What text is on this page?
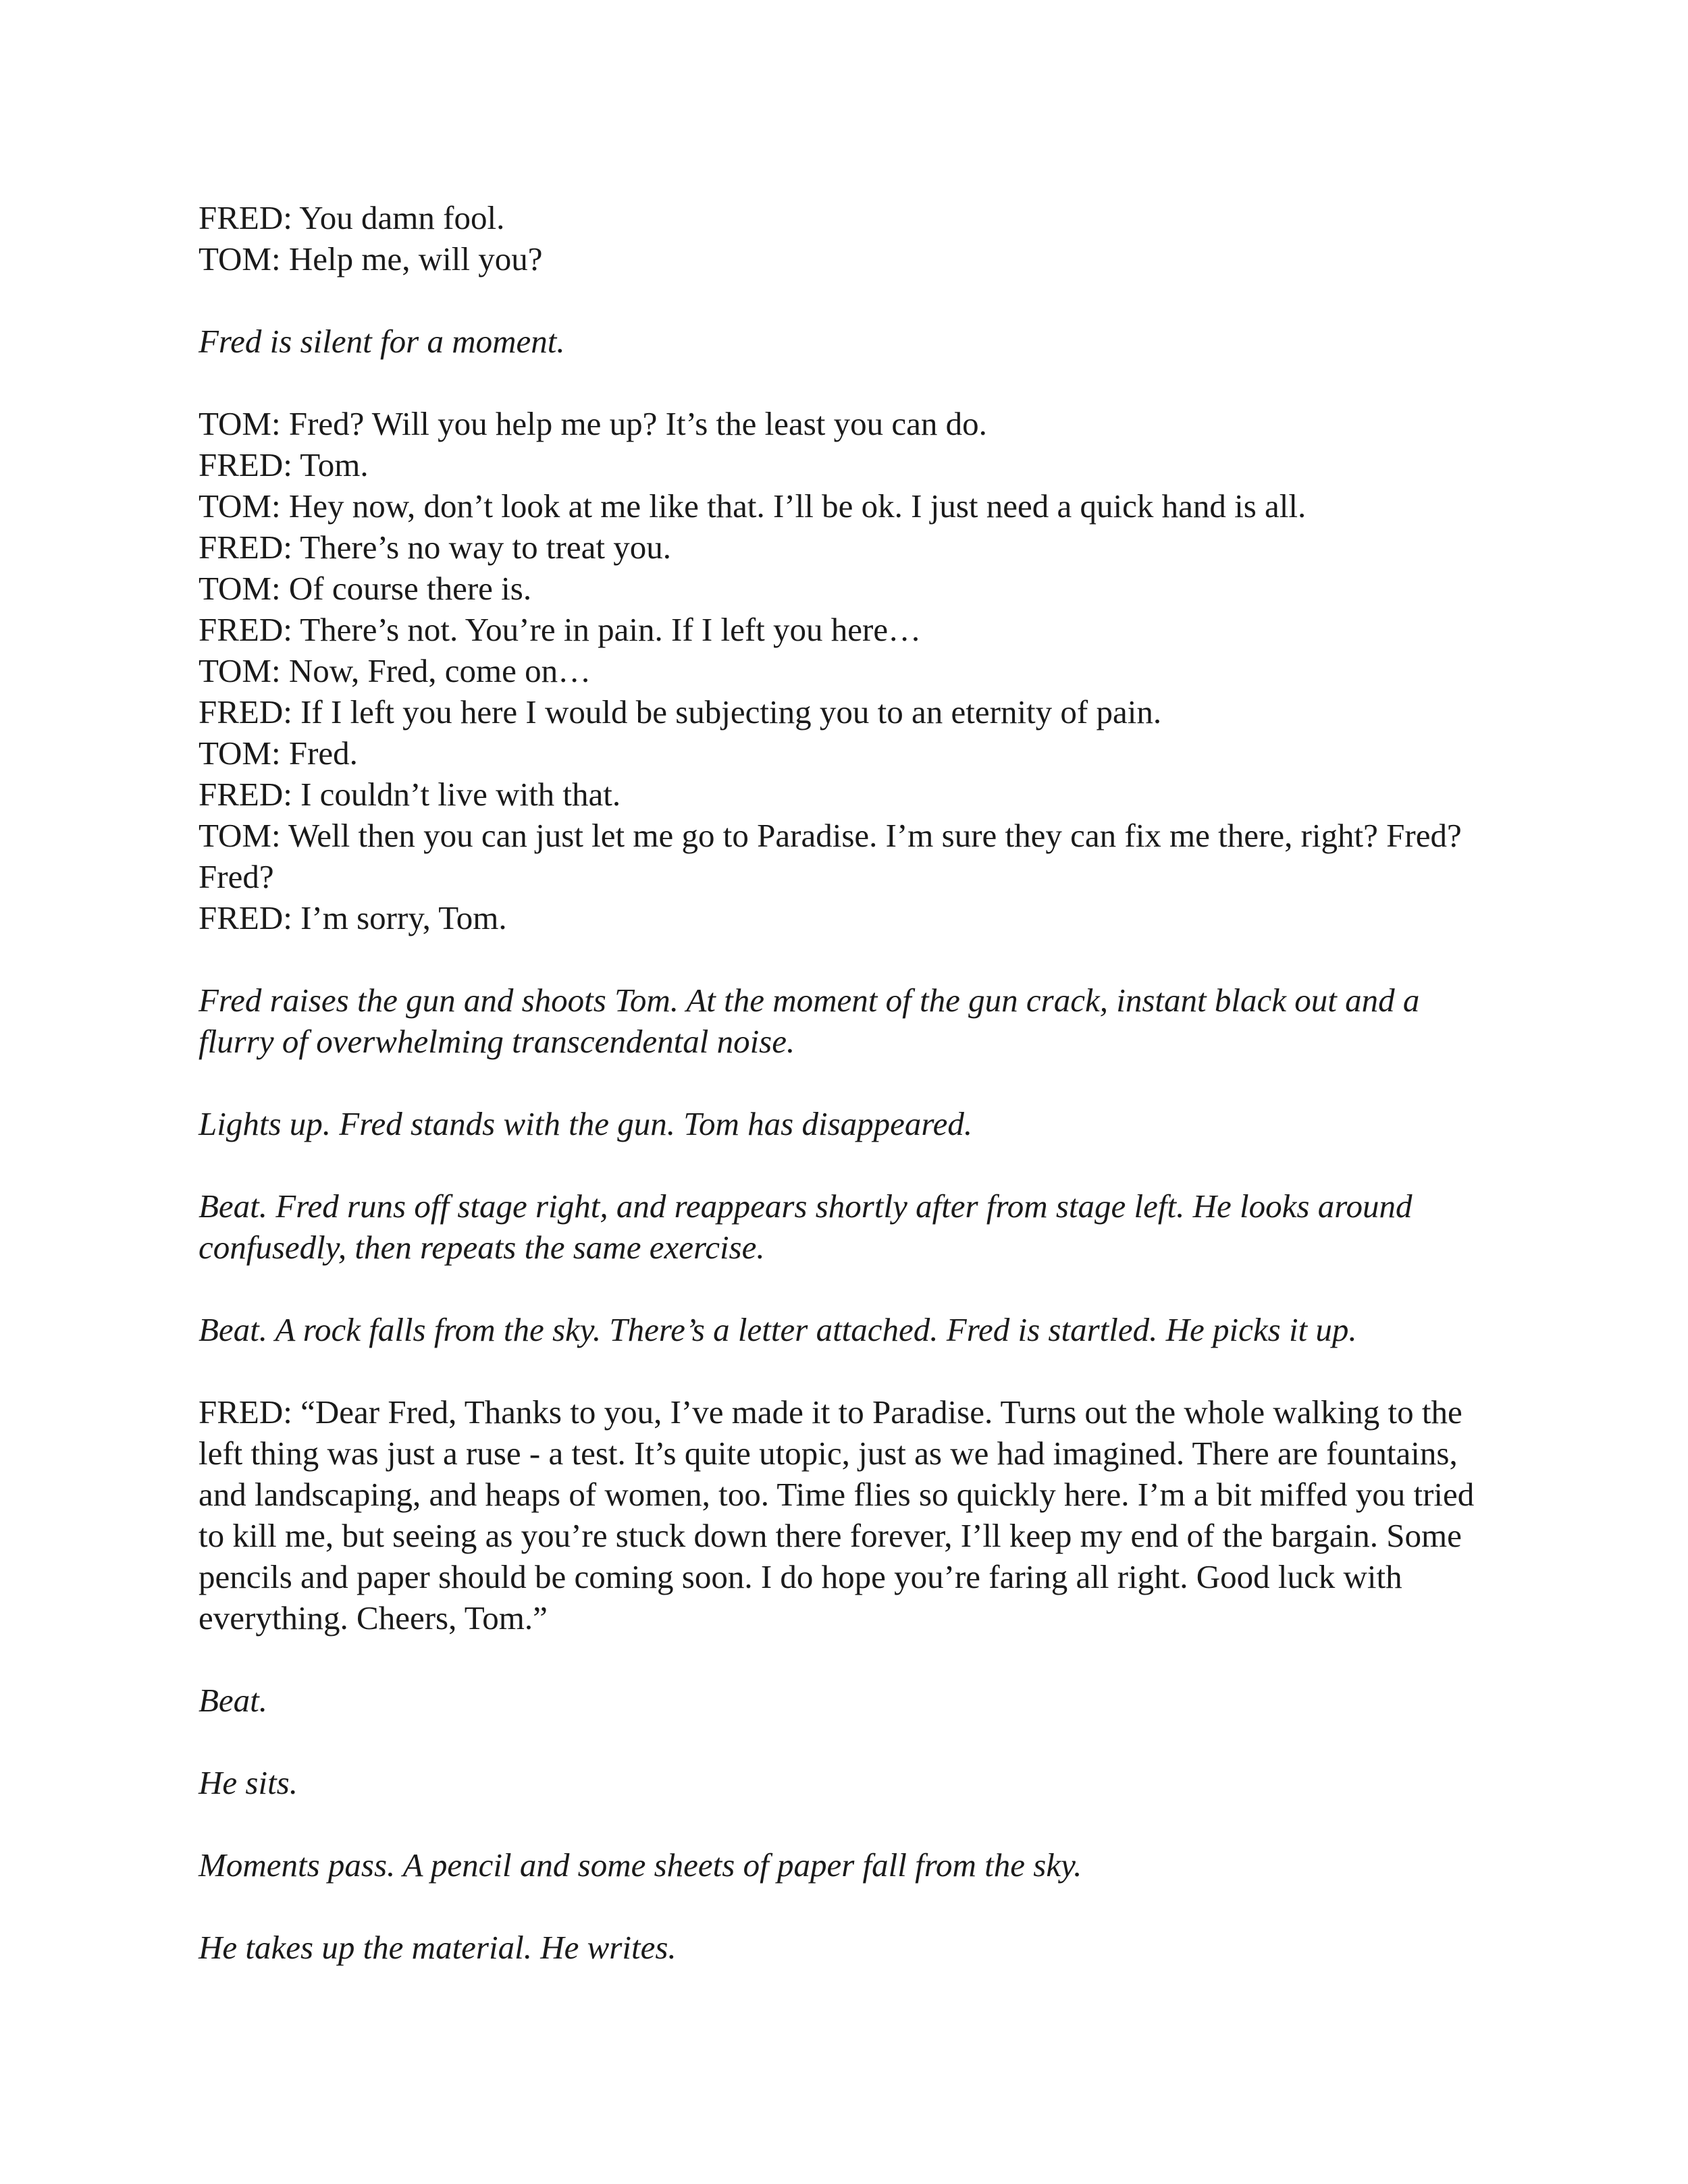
FRED: You damn fool.

TOM: Help me, will you?

Fred is silent for a moment.

TOM: Fred? Will you help me up? It’s the least you can do.

FRED: Tom.

TOM: Hey now, don’t look at me like that. I’ll be ok. I just need a quick hand is all.

FRED: There’s no way to treat you.

TOM: Of course there is.

FRED: There’s not. You’re in pain. If I left you here…

TOM: Now, Fred, come on…

FRED: If I left you here I would be subjecting you to an eternity of pain.

TOM: Fred.

FRED: I couldn’t live with that.

TOM: Well then you can just let me go to Paradise. I’m sure they can fix me there, right? Fred? Fred?

FRED: I’m sorry, Tom.

Fred raises the gun and shoots Tom. At the moment of the gun crack, instant black out and a flurry of overwhelming transcendental noise.

Lights up. Fred stands with the gun. Tom has disappeared.

Beat. Fred runs off stage right, and reappears shortly after from stage left. He looks around confusedly, then repeats the same exercise.

Beat. A rock falls from the sky. There’s a letter attached. Fred is startled. He picks it up.

FRED: “Dear Fred, Thanks to you, I’ve made it to Paradise. Turns out the whole walking to the left thing was just a ruse - a test. It’s quite utopic, just as we had imagined. There are fountains, and landscaping, and heaps of women, too. Time flies so quickly here. I’m a bit miffed you tried to kill me, but seeing as you’re stuck down there forever, I’ll keep my end of the bargain. Some pencils and paper should be coming soon. I do hope you’re faring all right. Good luck with everything. Cheers, Tom.”

Beat.

He sits.

Moments pass. A pencil and some sheets of paper fall from the sky.

He takes up the material. He writes.
